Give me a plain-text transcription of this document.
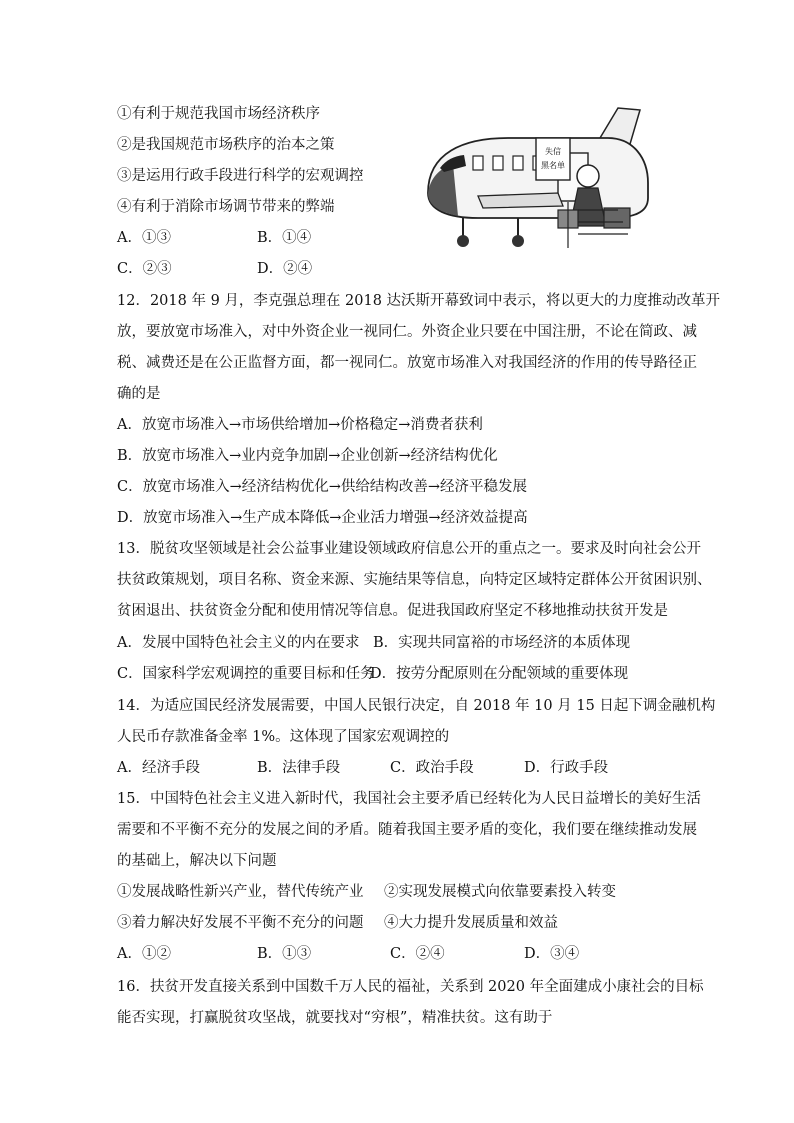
①有利于规范我国市场经济秩序
②是我国规范市场秩序的治本之策
③是运用行政手段进行科学的宏观调控
④有利于消除市场调节带来的弊端
A．①③	B．①④
C．②③	D．②④
失信
黑名单
12．2018 年 9 月，李克强总理在 2018 达沃斯开幕致词中表示，将以更大的力度推动改革开
放，要放宽市场准入，对中外资企业一视同仁。外资企业只要在中国注册，不论在简政、减
税、减费还是在公正监督方面，都一视同仁。放宽市场准入对我国经济的作用的传导路径正
确的是
A．放宽市场准入→市场供给增加→价格稳定→消费者获利
B．放宽市场准入→业内竞争加剧→企业创新→经济结构优化
C．放宽市场准入→经济结构优化→供给结构改善→经济平稳发展
D．放宽市场准入→生产成本降低→企业活力增强→经济效益提高
13．脱贫攻坚领域是社会公益事业建设领域政府信息公开的重点之一。要求及时向社会公开
扶贫政策规划，项目名称、资金来源、实施结果等信息，向特定区域特定群体公开贫困识别、
贫困退出、扶贫资金分配和使用情况等信息。促进我国政府坚定不移地推动扶贫开发是
A．发展中国特色社会主义的内在要求 B．实现共同富裕的市场经济的本质体现
C．国家科学宏观调控的重要目标和任务
D．按劳分配原则在分配领域的重要体现
14．为适应国民经济发展需要，中国人民银行决定，自 2018 年 10 月 15 日起下调金融机构
人民币存款准备金率 1%。这体现了国家宏观调控的
A．经济手段	B．法律手段	C．政治手段	D．行政手段
15．中国特色社会主义进入新时代，我国社会主要矛盾已经转化为人民日益增长的美好生活
需要和不平衡不充分的发展之间的矛盾。随着我国主要矛盾的变化，我们要在继续推动发展
的基础上，解决以下问题
①发展战略性新兴产业，替代传统产业 ②实现发展模式向依靠要素投入转变
③着力解决好发展不平衡不充分的问题 ④大力提升发展质量和效益
A．①②	B．①③	C．②④	D．③④
16．扶贫开发直接关系到中国数千万人民的福祉，关系到 2020 年全面建成小康社会的目标
能否实现，打赢脱贫攻坚战，就要找对“穷根”，精准扶贫。这有助于
